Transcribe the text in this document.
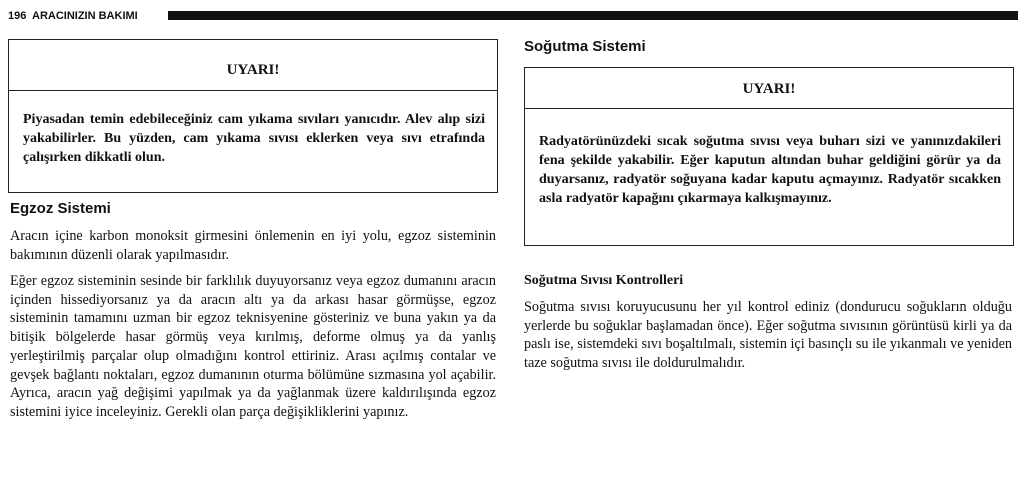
196 ARACINIZIN BAKIMI
UYARI!
Piyasadan temin edebileceğiniz cam yıkama sıvıları yanıcıdır. Alev alıp sizi yakabilirler. Bu yüzden, cam yıkama sıvısı eklerken veya sıvı etrafında çalışırken dikkatli olun.
Egzoz Sistemi
Aracın içine karbon monoksit girmesini önlemenin en iyi yolu, egzoz sisteminin bakımının düzenli olarak yapılmasıdır.
Eğer egzoz sisteminin sesinde bir farklılık duyuyorsanız veya egzoz dumanını aracın içinden hissediyorsanız ya da aracın altı ya da arkası hasar görmüşse, egzoz sisteminin tamamını uzman bir egzoz teknisyenine gösteriniz ve buna yakın ya da bitişik bölgelerde hasar görmüş veya kırılmış, deforme olmuş ya da yanlış yerleştirilmiş parçalar olup olmadığını kontrol ettiriniz. Arası açılmış contalar ve gevşek bağlantı noktaları, egzoz dumanının oturma bölümüne sızmasına yol açabilir. Ayrıca, aracın yağ değişimi yapılmak ya da yağlanmak üzere kaldırılışında egzoz sistemini iyice inceleyiniz. Gerekli olan parça değişikliklerini yapınız.
Soğutma Sistemi
UYARI!
Radyatörünüzdeki sıcak soğutma sıvısı veya buharı sizi ve yanınızdakileri fena şekilde yakabilir. Eğer kaputun altından buhar geldiğini görür ya da duyarsanız, radyatör soğuyana kadar kaputu açmayınız. Radyatör sıcakken asla radyatör kapağını çıkarmaya kalkışmayınız.
Soğutma Sıvısı Kontrolleri
Soğutma sıvısı koruyucusunu her yıl kontrol ediniz (dondurucu soğukların olduğu yerlerde bu soğuklar başlamadan önce). Eğer soğutma sıvısının görüntüsü kirli ya da paslı ise, sistemdeki sıvı boşaltılmalı, sistemin içi basınçlı su ile yıkanmalı ve yeniden taze soğutma sıvısı ile doldurulmalıdır.
